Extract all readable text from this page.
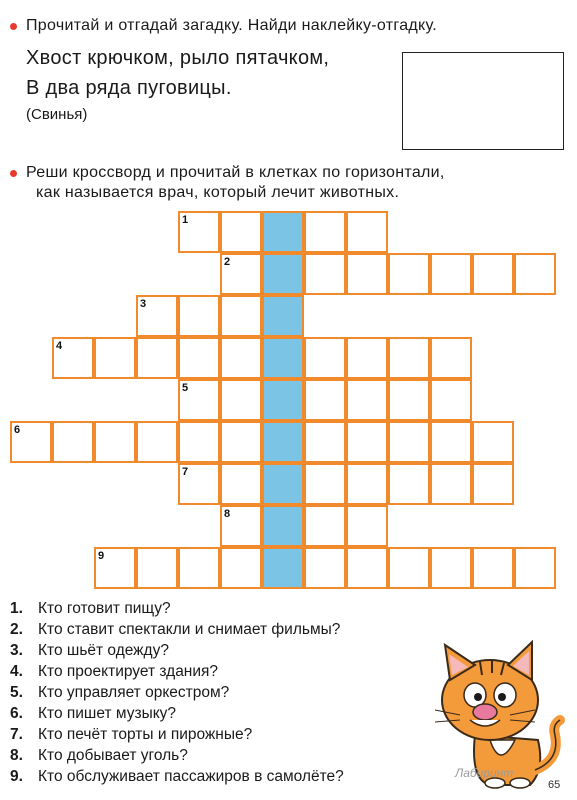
Прочитай и отгадай загадку. Найди наклейку-отгадку.
Хвост крючком, рыло пятачком,
В два ряда пуговицы.
(Свинья)
Реши кроссворд и прочитай в клетках по горизонтали,
как называется врач, который лечит животных.
1
2
3
4
5
6
7
8
9
1. Кто готовит пищу?
2. Кто ставит спектакли и снимает фильмы?
3. Кто шьёт одежду?
4. Кто проектирует здания?
5. Кто управляет оркестром?
6. Кто пишет музыку?
7. Кто печёт торты и пирожные?
8. Кто добывает уголь?
9. Кто обслуживает пассажиров в самолёте?	Лабиринт
65
